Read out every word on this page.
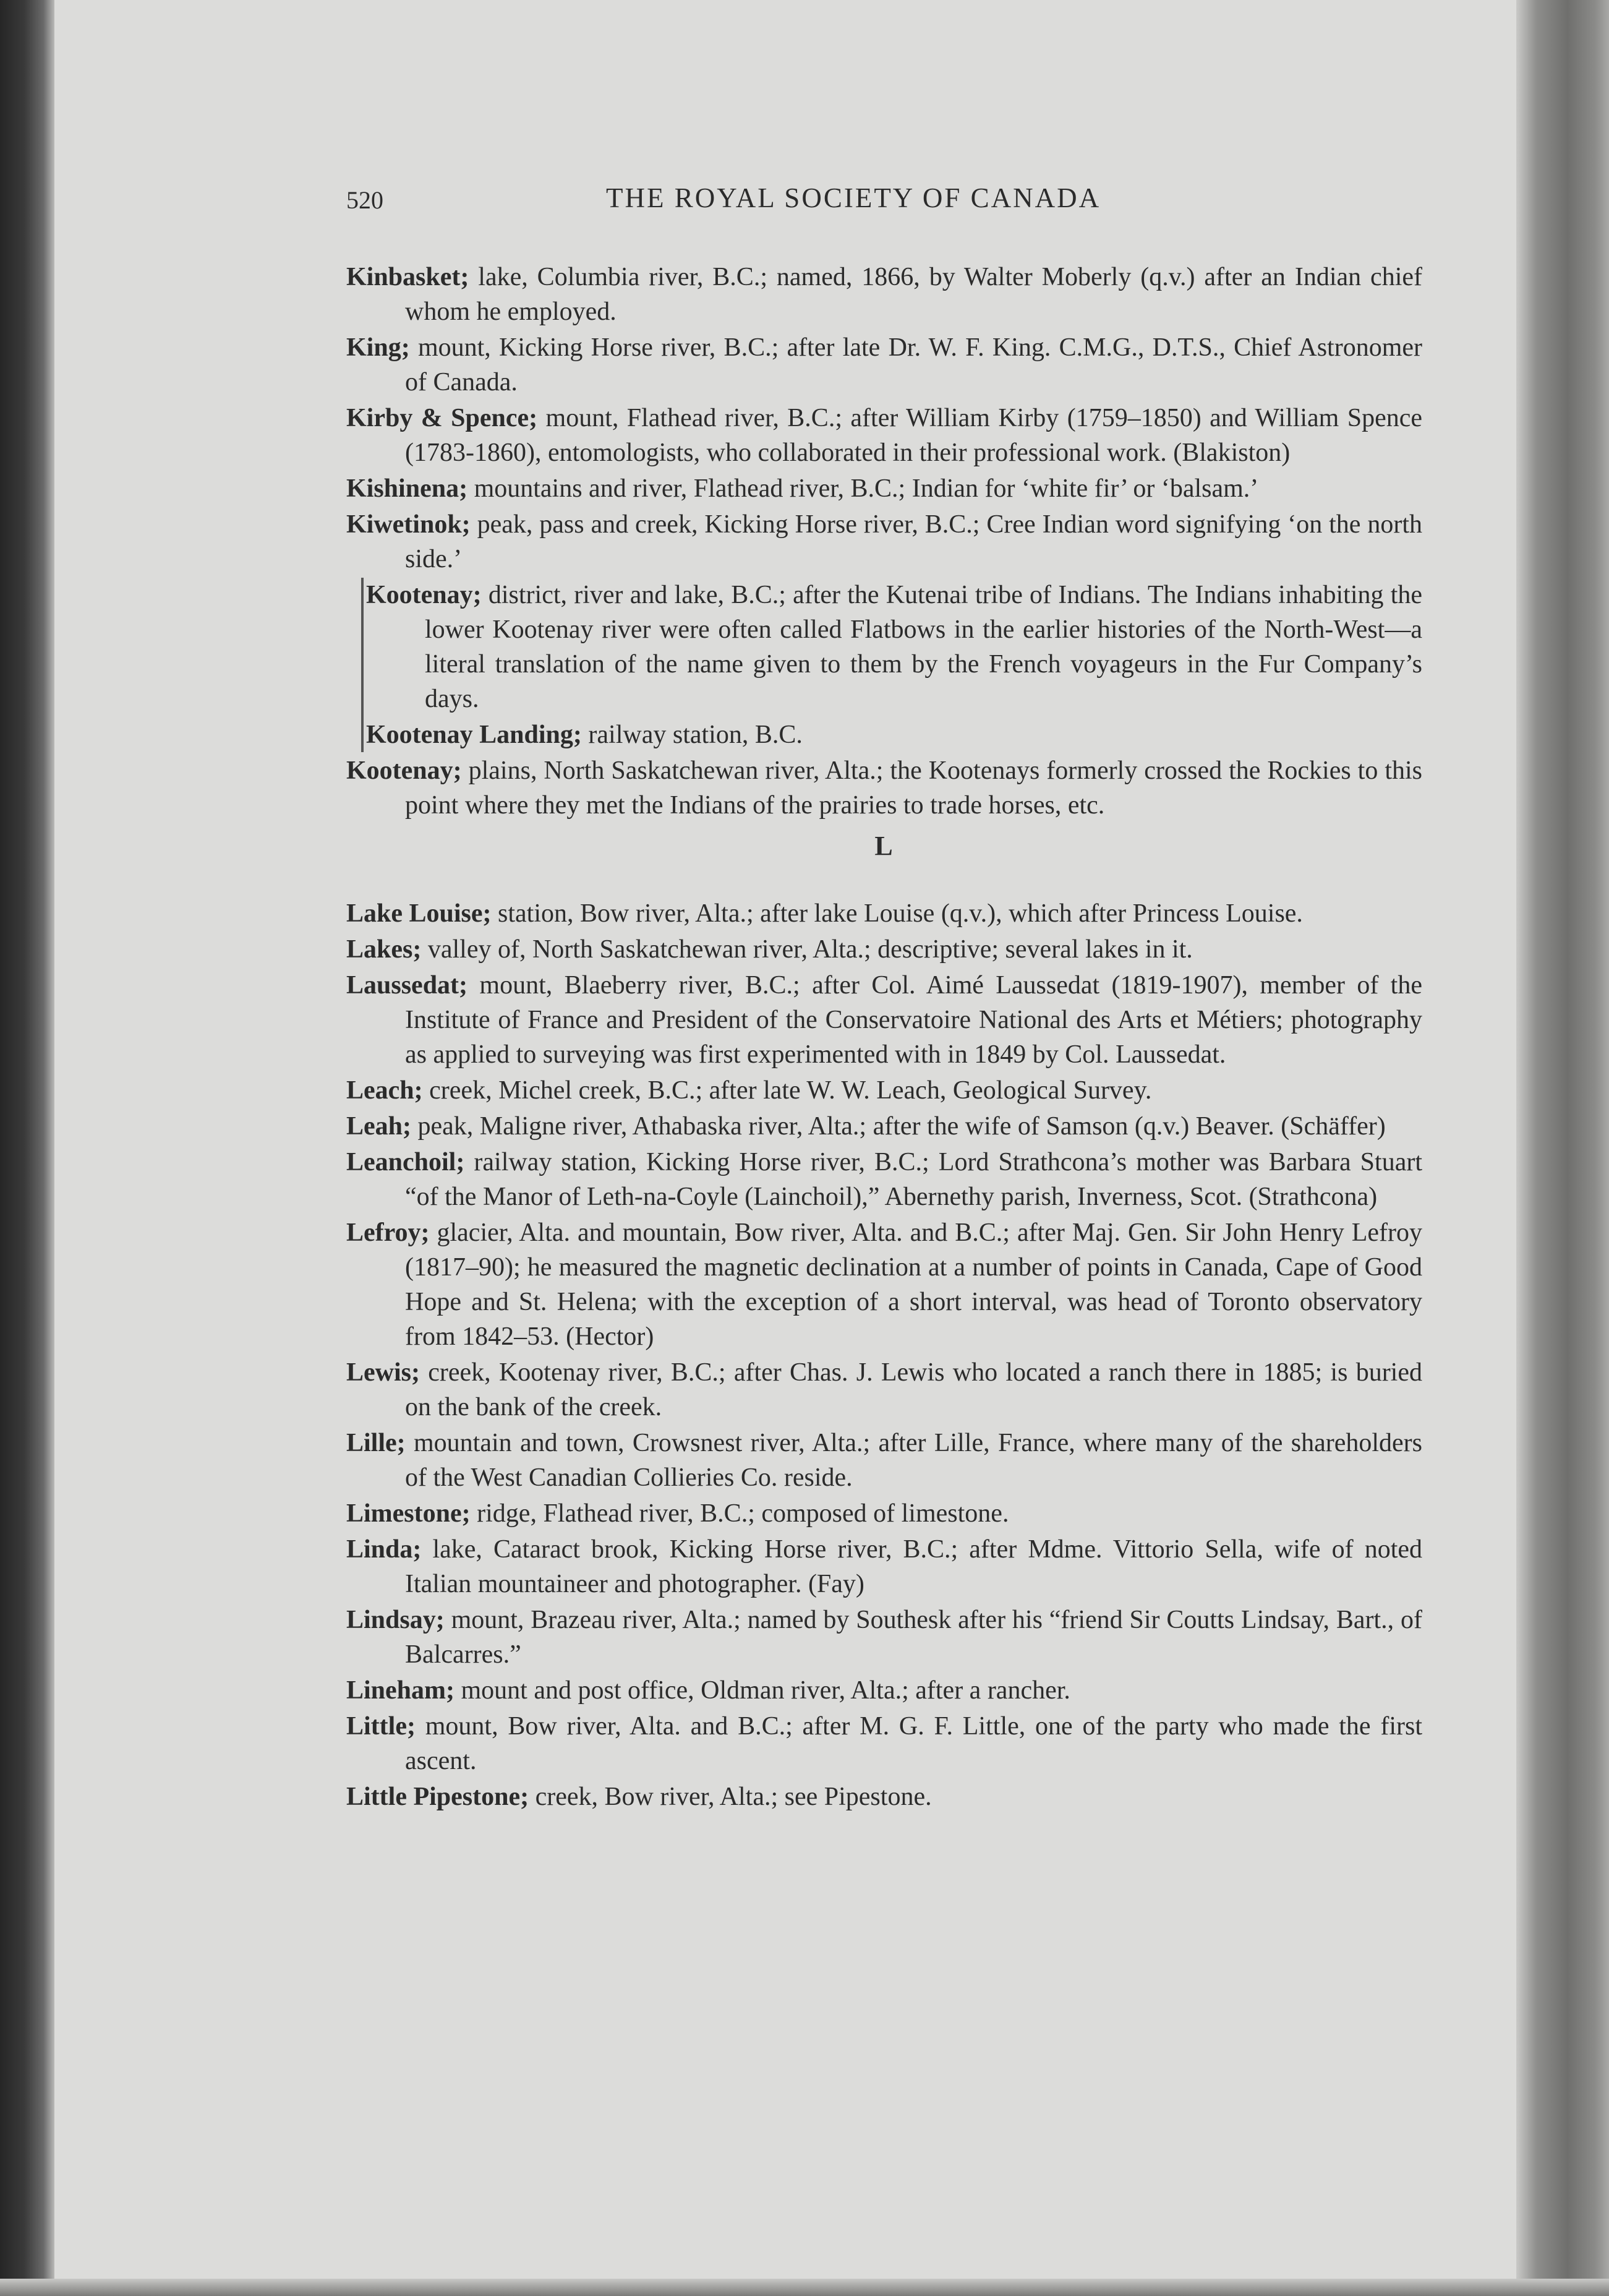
520	THE ROYAL SOCIETY OF CANADA

Kinbasket; lake, Columbia river, B.C.; named, 1866, by Walter Moberly (q.v.) after an Indian chief whom he employed.

King; mount, Kicking Horse river, B.C.; after late Dr. W. F. King. C.M.G., D.T.S., Chief Astronomer of Canada.

Kirby & Spence; mount, Flathead river, B.C.; after William Kirby (1759–1850) and William Spence (1783-1860), entomologists, who collaborated in their professional work. (Blakiston)

Kishinena; mountains and river, Flathead river, B.C.; Indian for ‘white fir’ or ‘balsam.’

Kiwetinok; peak, pass and creek, Kicking Horse river, B.C.; Cree Indian word signifying ‘on the north side.’

Kootenay; district, river and lake, B.C.; after the Kutenai tribe of Indians. The Indians inhabiting the lower Kootenay river were often called Flatbows in the earlier histories of the North-West—a literal translation of the name given to them by the French voyageurs in the Fur Company’s days.

Kootenay Landing; railway station, B.C.

Kootenay; plains, North Saskatchewan river, Alta.; the Kootenays formerly crossed the Rockies to this point where they met the Indians of the prairies to trade horses, etc.

L

Lake Louise; station, Bow river, Alta.; after lake Louise (q.v.), which after Princess Louise.

Lakes; valley of, North Saskatchewan river, Alta.; descriptive; several lakes in it.

Laussedat; mount, Blaeberry river, B.C.; after Col. Aimé Laussedat (1819-1907), member of the Institute of France and President of the Conservatoire National des Arts et Métiers; photography as applied to surveying was first experimented with in 1849 by Col. Laussedat.

Leach; creek, Michel creek, B.C.; after late W. W. Leach, Geological Survey.

Leah; peak, Maligne river, Athabaska river, Alta.; after the wife of Samson (q.v.) Beaver. (Schäffer)

Leanchoil; railway station, Kicking Horse river, B.C.; Lord Strathcona’s mother was Barbara Stuart “of the Manor of Leth-na-Coyle (Lainchoil),” Abernethy parish, Inverness, Scot. (Strathcona)

Lefroy; glacier, Alta. and mountain, Bow river, Alta. and B.C.; after Maj. Gen. Sir John Henry Lefroy (1817–90); he measured the magnetic declination at a number of points in Canada, Cape of Good Hope and St. Helena; with the exception of a short interval, was head of Toronto observatory from 1842–53. (Hector)

Lewis; creek, Kootenay river, B.C.; after Chas. J. Lewis who located a ranch there in 1885; is buried on the bank of the creek.

Lille; mountain and town, Crowsnest river, Alta.; after Lille, France, where many of the shareholders of the West Canadian Collieries Co. reside.

Limestone; ridge, Flathead river, B.C.; composed of limestone.

Linda; lake, Cataract brook, Kicking Horse river, B.C.; after Mdme. Vittorio Sella, wife of noted Italian mountaineer and photographer. (Fay)

Lindsay; mount, Brazeau river, Alta.; named by Southesk after his “friend Sir Coutts Lindsay, Bart., of Balcarres.”

Lineham; mount and post office, Oldman river, Alta.; after a rancher.

Little; mount, Bow river, Alta. and B.C.; after M. G. F. Little, one of the party who made the first ascent.

Little Pipestone; creek, Bow river, Alta.; see Pipestone.
